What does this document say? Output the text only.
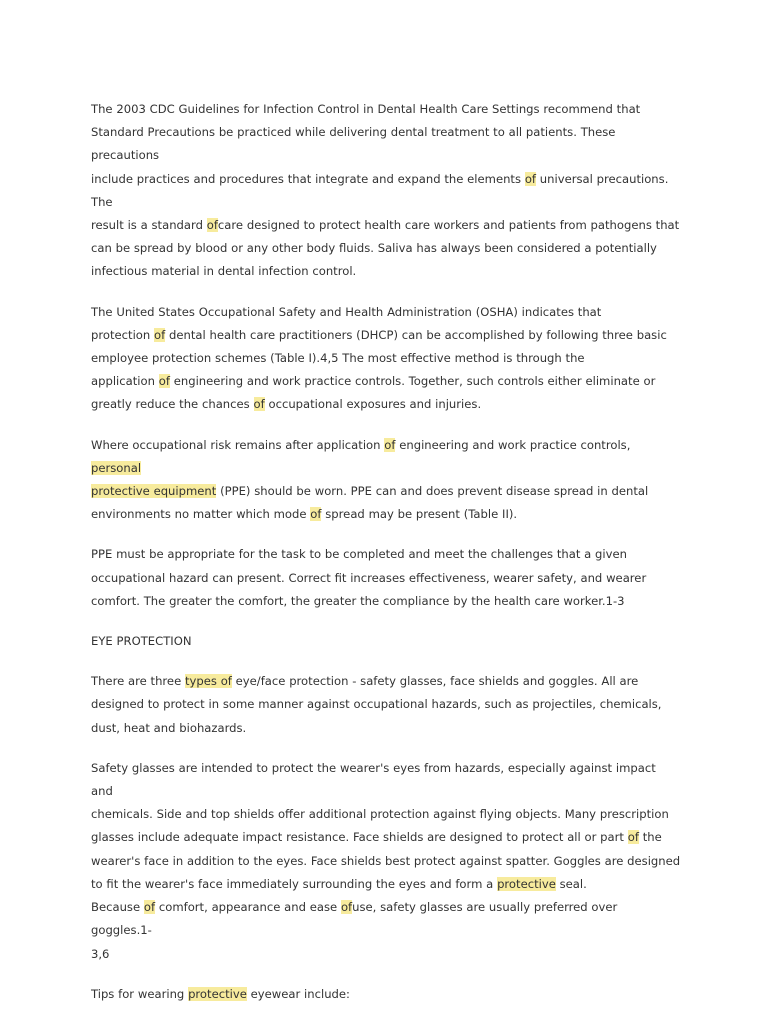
The 2003 CDC Guidelines for Infection Control in Dental Health Care Settings recommend that
Standard Precautions be practiced while delivering dental treatment to all patients. These precautions
include practices and procedures that integrate and expand the elements of universal precautions. The
result is a standard ofcare designed to protect health care workers and patients from pathogens that
can be spread by blood or any other body fluids. Saliva has always been considered a potentially
infectious material in dental infection control.
The United States Occupational Safety and Health Administration (OSHA) indicates that
protection of dental health care practitioners (DHCP) can be accomplished by following three basic
employee protection schemes (Table I).4,5 The most effective method is through the
application of engineering and work practice controls. Together, such controls either eliminate or
greatly reduce the chances of occupational exposures and injuries.
Where occupational risk remains after application of engineering and work practice controls, personal
protective equipment (PPE) should be worn. PPE can and does prevent disease spread in dental
environments no matter which mode of spread may be present (Table II).
PPE must be appropriate for the task to be completed and meet the challenges that a given
occupational hazard can present. Correct fit increases effectiveness, wearer safety, and wearer
comfort. The greater the comfort, the greater the compliance by the health care worker.1-3
EYE PROTECTION
There are three types of eye/face protection - safety glasses, face shields and goggles. All are
designed to protect in some manner against occupational hazards, such as projectiles, chemicals,
dust, heat and biohazards.
Safety glasses are intended to protect the wearer's eyes from hazards, especially against impact and
chemicals. Side and top shields offer additional protection against flying objects. Many prescription
glasses include adequate impact resistance. Face shields are designed to protect all or part of the
wearer's face in addition to the eyes. Face shields best protect against spatter. Goggles are designed
to fit the wearer's face immediately surrounding the eyes and form a protective seal.
Because of comfort, appearance and ease ofuse, safety glasses are usually preferred over goggles.1-
3,6
Tips for wearing protective eyewear include:
